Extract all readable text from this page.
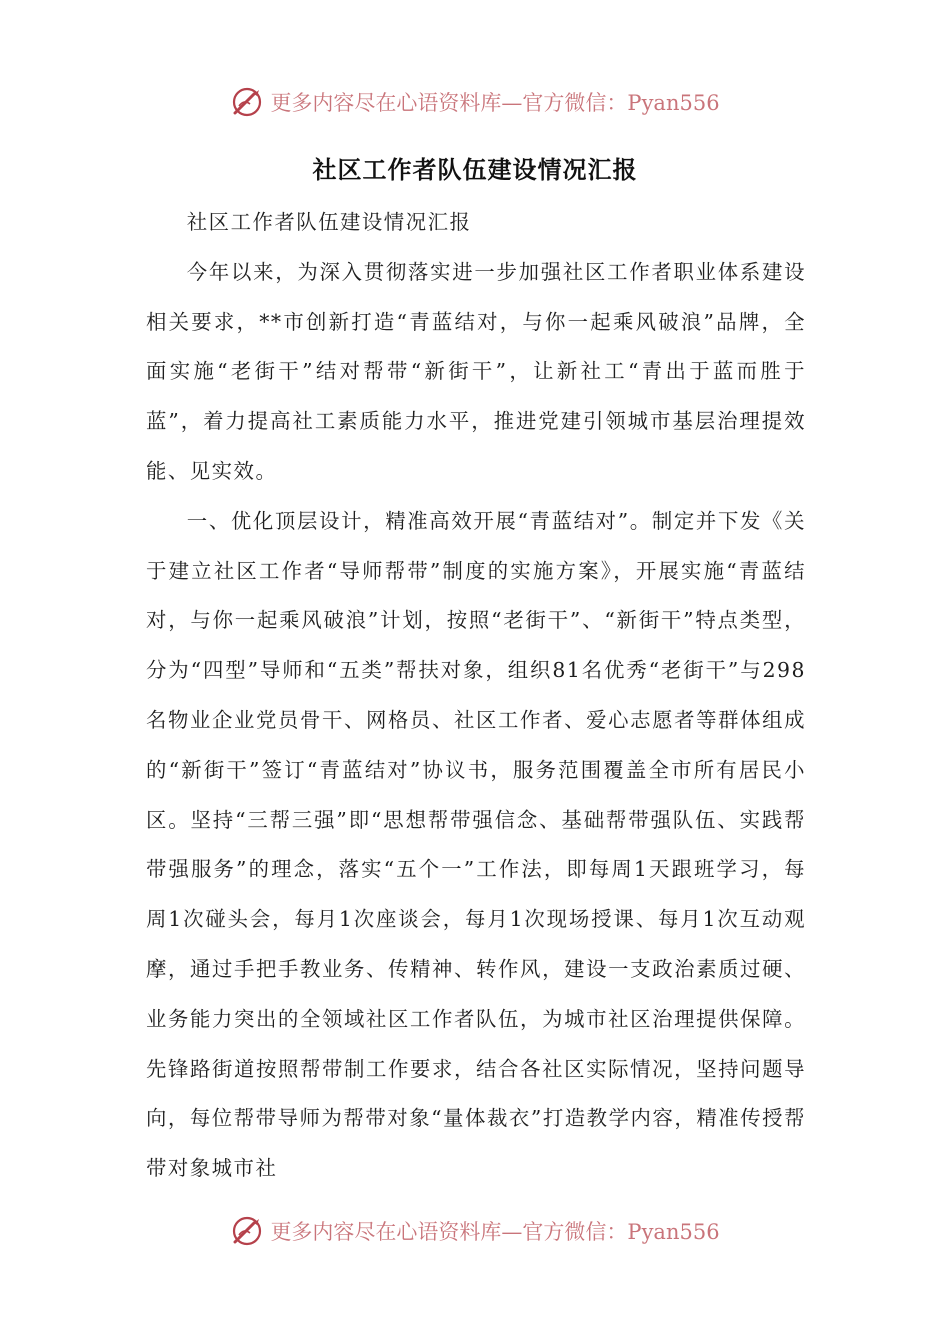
更多内容尽在心语资料库—官方微信：Pyan556
社区工作者队伍建设情况汇报

社区工作者队伍建设情况汇报

今年以来，为深入贯彻落实进一步加强社区工作者职业体系建设相关要求，**市创新打造“青蓝结对，与你一起乘风破浪”品牌，全面实施“老街干”结对帮带“新街干”，让新社工“青出于蓝而胜于蓝”，着力提高社工素质能力水平，推进党建引领城市基层治理提效能、见实效。

一、优化顶层设计，精准高效开展“青蓝结对”。制定并下发《关于建立社区工作者“导师帮带”制度的实施方案》，开展实施“青蓝结对，与你一起乘风破浪”计划，按照“老街干”、“新街干”特点类型，分为“四型”导师和“五类”帮扶对象，组织81名优秀“老街干”与298名物业企业党员骨干、网格员、社区工作者、爱心志愿者等群体组成的“新街干”签订“青蓝结对”协议书，服务范围覆盖全市所有居民小区。坚持“三帮三强”即“思想帮带强信念、基础帮带强队伍、实践帮带强服务”的理念，落实“五个一”工作法，即每周1天跟班学习，每周1次碰头会，每月1次座谈会，每月1次现场授课、每月1次互动观摩，通过手把手教业务、传精神、转作风，建设一支政治素质过硬、业务能力突出的全领域社区工作者队伍，为城市社区治理提供保障。先锋路街道按照帮带制工作要求，结合各社区实际情况，坚持问题导向，每位帮带导师为帮带对象“量体裁衣”打造教学内容，精准传授帮带对象城市社

更多内容尽在心语资料库—官方微信：Pyan556
